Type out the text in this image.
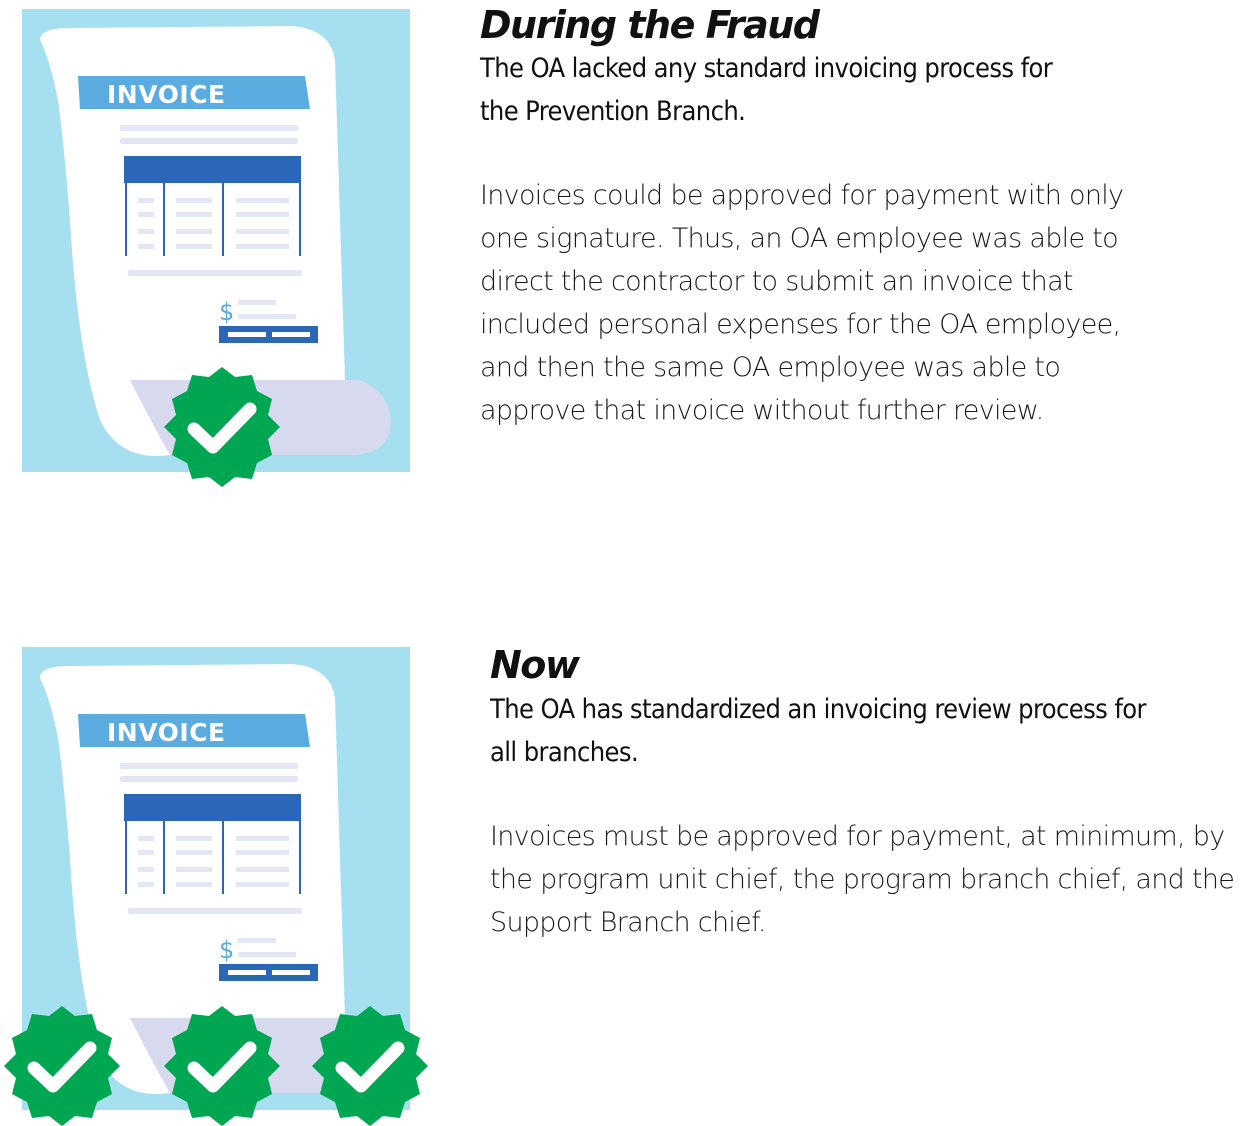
INVOICE
$
During the Fraud

The OA lacked any standard invoicing process for
the Prevention Branch.

Invoices could be approved for payment with only
one signature. Thus, an OA employee was able to
direct the contractor to submit an invoice that
included personal expenses for the OA employee,
and then the same OA employee was able to
approve that invoice without further review.

INVOICE
$
Now

The OA has standardized an invoicing review process for
all branches.

Invoices must be approved for payment, at minimum, by
the program unit chief, the program branch chief, and the
Support Branch chief.
